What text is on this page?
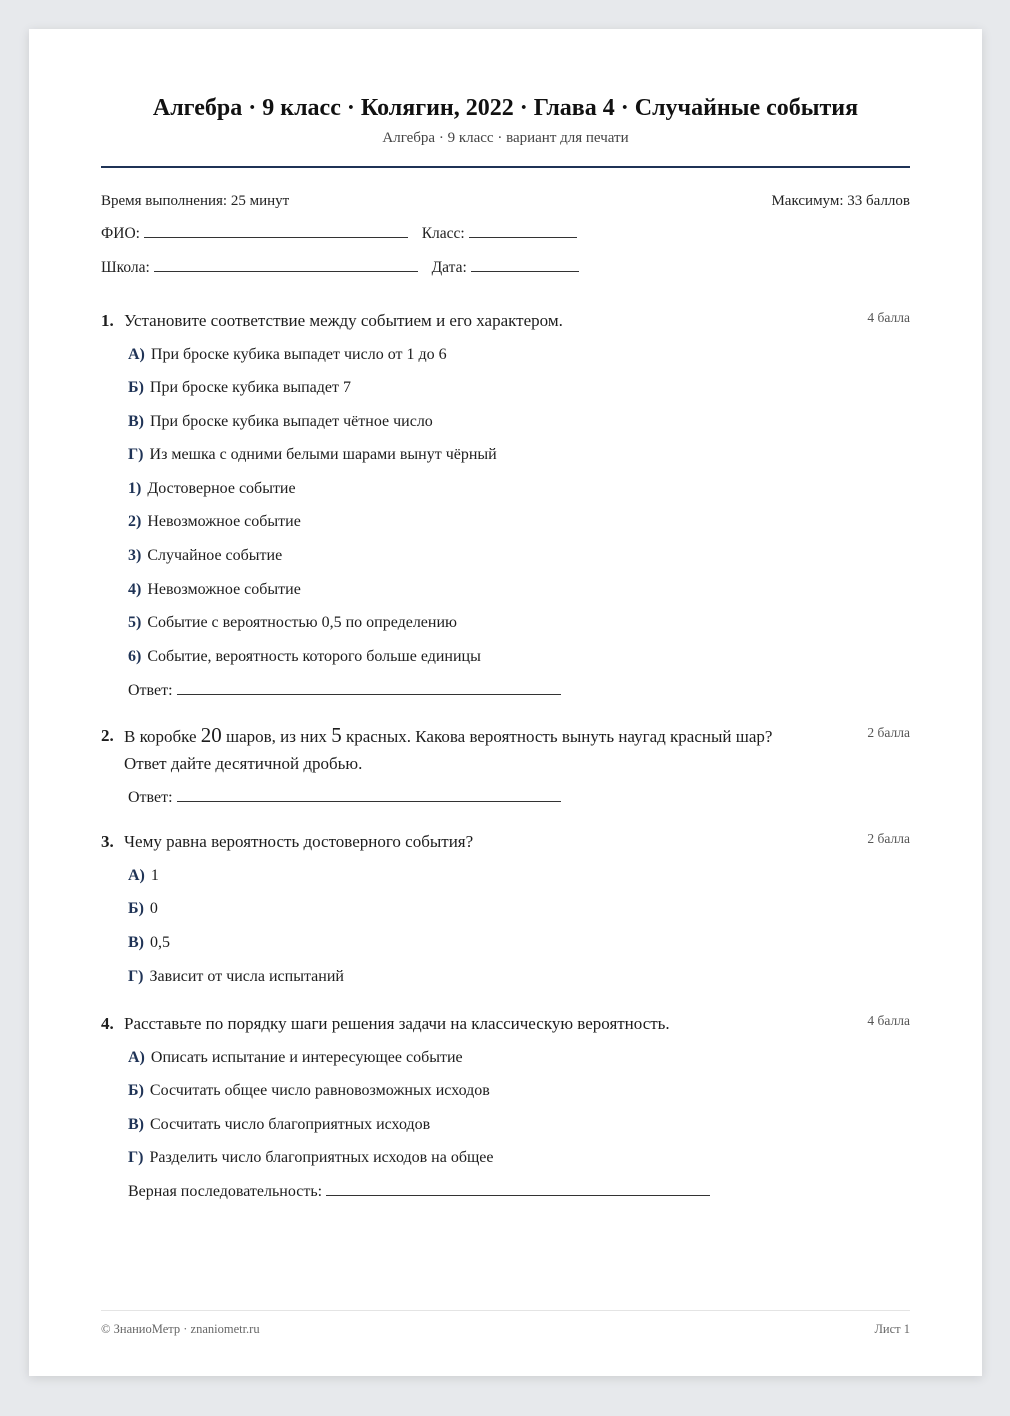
Алгебра · 9 класс · Колягин, 2022 · Глава 4 · Случайные события
Алгебра · 9 класс · вариант для печати
Время выполнения: 25 минут	Максимум: 33 баллов
ФИО:	Класс:
Школа:	Дата:
1. Установите соответствие между событием и его характером.	4 балла
А) При броске кубика выпадет число от 1 до 6
Б) При броске кубика выпадет 7
В) При броске кубика выпадет чётное число
Г) Из мешка с одними белыми шарами вынут чёрный
1) Достоверное событие
2) Невозможное событие
3) Случайное событие
4) Невозможное событие
5) Событие с вероятностью 0,5 по определению
6) Событие, вероятность которого больше единицы
Ответ:
2. В коробке 20 шаров, из них 5 красных. Какова вероятность вынуть наугад красный шар?
Ответ дайте десятичной дробью.
2 балла
Ответ:
3. Чему равна вероятность достоверного события?	2 балла
А) 1
Б) 0
В) 0,5
Г) Зависит от числа испытаний
4. Расставьте по порядку шаги решения задачи на классическую вероятность.	4 балла
А) Описать испытание и интересующее событие
Б) Сосчитать общее число равновозможных исходов
В) Сосчитать число благоприятных исходов
Г) Разделить число благоприятных исходов на общее
Верная последовательность:
© ЗнаниоМетр · znaniometr.ru	Лист 1
